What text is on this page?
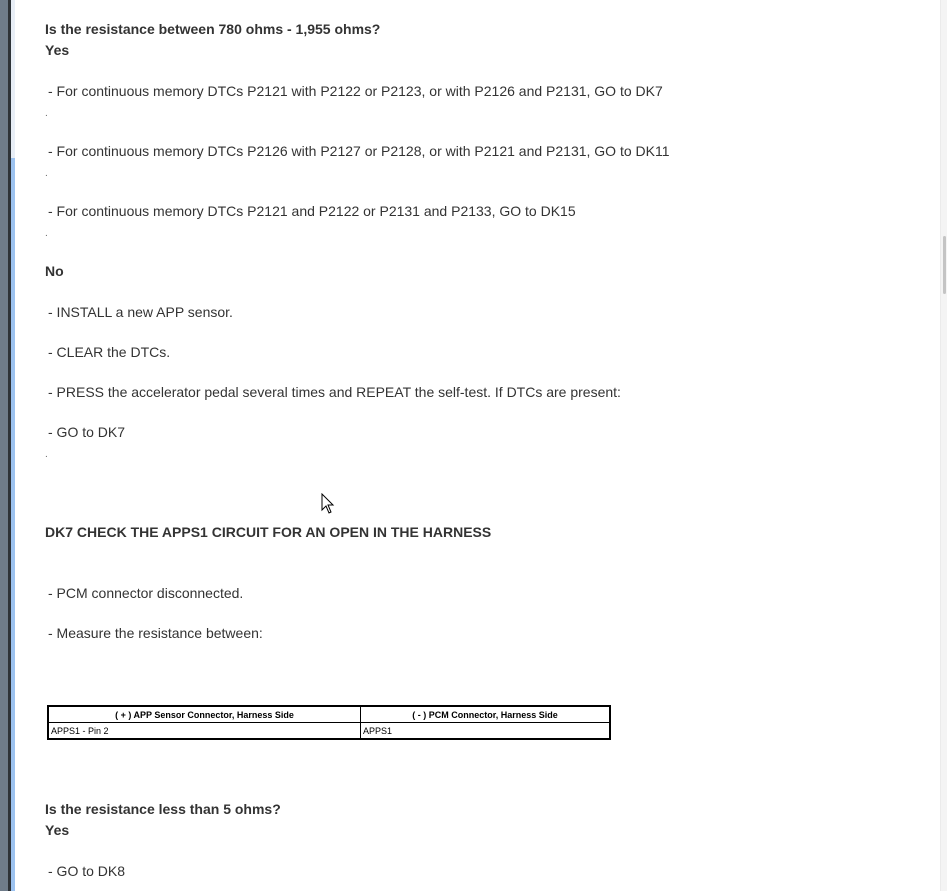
Is the resistance between 780 ohms - 1,955 ohms?
Yes
- For continuous memory DTCs P2121 with P2122 or P2123, or with P2126 and P2131, GO to DK7
.
- For continuous memory DTCs P2126 with P2127 or P2128, or with P2121 and P2131, GO to DK11
.
- For continuous memory DTCs P2121 and P2122 or P2131 and P2133, GO to DK15
.
No
- INSTALL a new APP sensor.
- CLEAR the DTCs.
- PRESS the accelerator pedal several times and REPEAT the self-test. If DTCs are present:
- GO to DK7
.
DK7 CHECK THE APPS1 CIRCUIT FOR AN OPEN IN THE HARNESS
- PCM connector disconnected.
- Measure the resistance between:
( + ) APP Sensor Connector, Harness Side	( - ) PCM Connector, Harness Side
APPS1 - Pin 2	APPS1
Is the resistance less than 5 ohms?
Yes
- GO to DK8
